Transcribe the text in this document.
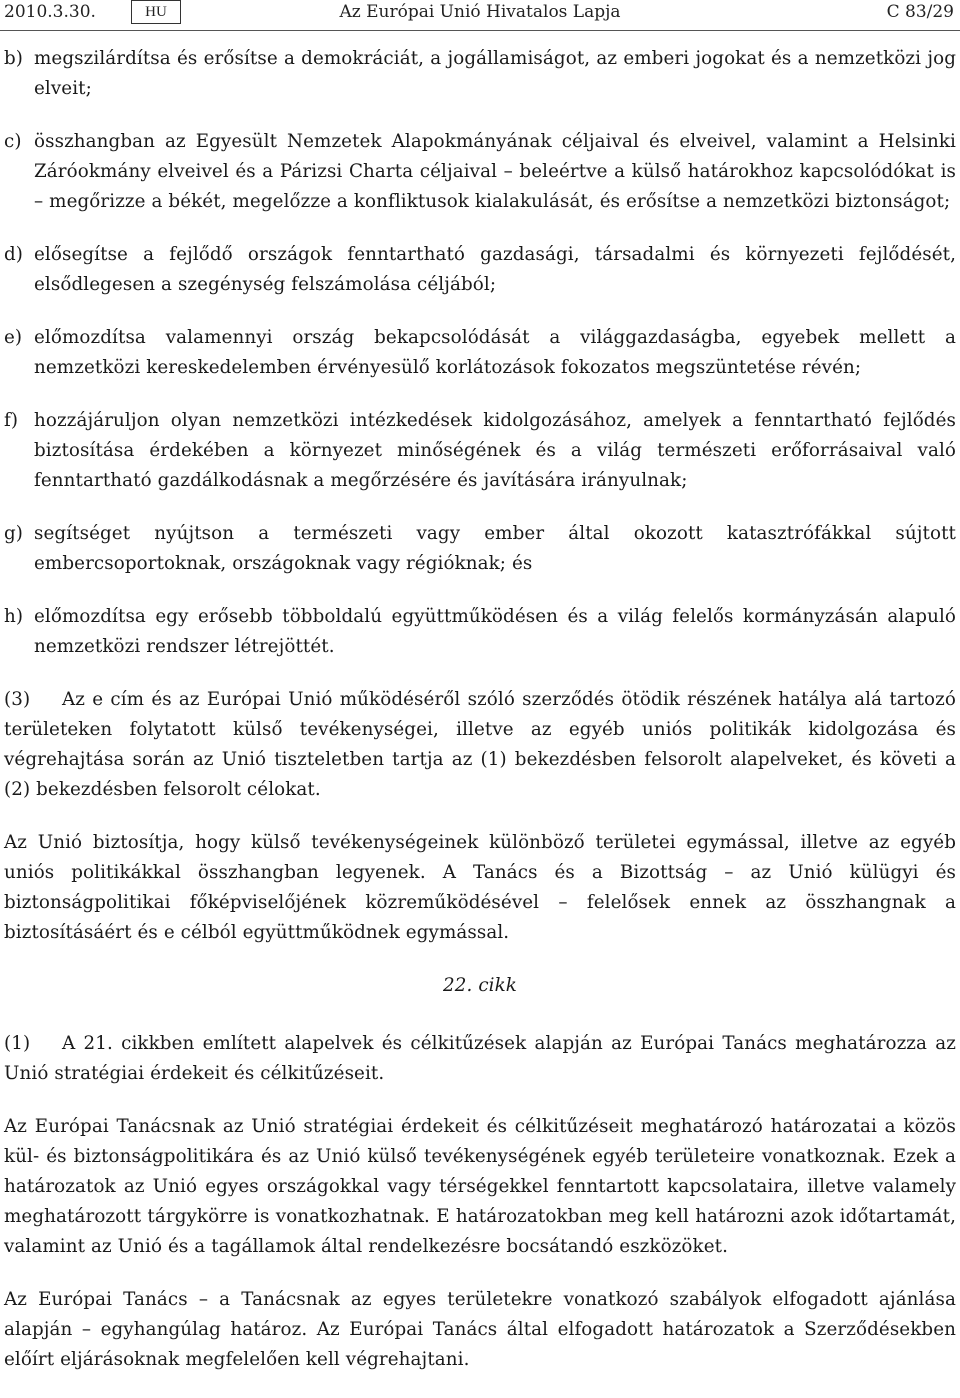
2010.3.30.	HU	Az Európai Unió Hivatalos Lapja	C 83/29
b) megszilárdítsa és erősítse a demokráciát, a jogállamiságot, az emberi jogokat és a nemzetközi jog elveit;
c) összhangban az Egyesült Nemzetek Alapokmányának céljaival és elveivel, valamint a Helsinki Záróokmány elveivel és a Párizsi Charta céljaival – beleértve a külső határokhoz kapcsolódókat is – megőrizze a békét, megelőzze a konfliktusok kialakulását, és erősítse a nemzetközi biztonságot;
d) elősegítse a fejlődő országok fenntartható gazdasági, társadalmi és környezeti fejlődését, elsődlegesen a szegénység felszámolása céljából;
e) előmozdítsa valamennyi ország bekapcsolódását a világgazdaságba, egyebek mellett a nemzetközi kereskedelemben érvényesülő korlátozások fokozatos megszüntetése révén;
f) hozzájáruljon olyan nemzetközi intézkedések kidolgozásához, amelyek a fenntartható fejlődés biztosítása érdekében a környezet minőségének és a világ természeti erőforrásaival való fenntartható gazdálkodásnak a megőrzésére és javítására irányulnak;
g) segítséget nyújtson a természeti vagy ember által okozott katasztrófákkal sújtott embercsoportoknak, országoknak vagy régióknak; és
h) előmozdítsa egy erősebb többoldalú együttműködésen és a világ felelős kormányzásán alapuló nemzetközi rendszer létrejöttét.

(3) Az e cím és az Európai Unió működéséről szóló szerződés ötödik részének hatálya alá tartozó területeken folytatott külső tevékenységei, illetve az egyéb uniós politikák kidolgozása és végrehajtása során az Unió tiszteletben tartja az (1) bekezdésben felsorolt alapelveket, és követi a (2) bekezdésben felsorolt célokat.

Az Unió biztosítja, hogy külső tevékenységeinek különböző területei egymással, illetve az egyéb uniós politikákkal összhangban legyenek. A Tanács és a Bizottság – az Unió külügyi és biztonságpolitikai főképviselőjének közreműködésével – felelősek ennek az összhangnak a biztosításáért és e célból együttműködnek egymással.

22. cikk

(1) A 21. cikkben említett alapelvek és célkitűzések alapján az Európai Tanács meghatározza az Unió stratégiai érdekeit és célkitűzéseit.

Az Európai Tanácsnak az Unió stratégiai érdekeit és célkitűzéseit meghatározó határozatai a közös kül- és biztonságpolitikára és az Unió külső tevékenységének egyéb területeire vonatkoznak. Ezek a határozatok az Unió egyes országokkal vagy térségekkel fenntartott kapcsolataira, illetve valamely meghatározott tárgykörre is vonatkozhatnak. E határozatokban meg kell határozni azok időtartamát, valamint az Unió és a tagállamok által rendelkezésre bocsátandó eszközöket.

Az Európai Tanács – a Tanácsnak az egyes területekre vonatkozó szabályok elfogadott ajánlása alapján – egyhangúlag határoz. Az Európai Tanács által elfogadott határozatok a Szerződésekben előírt eljárásoknak megfelelően kell végrehajtani.
